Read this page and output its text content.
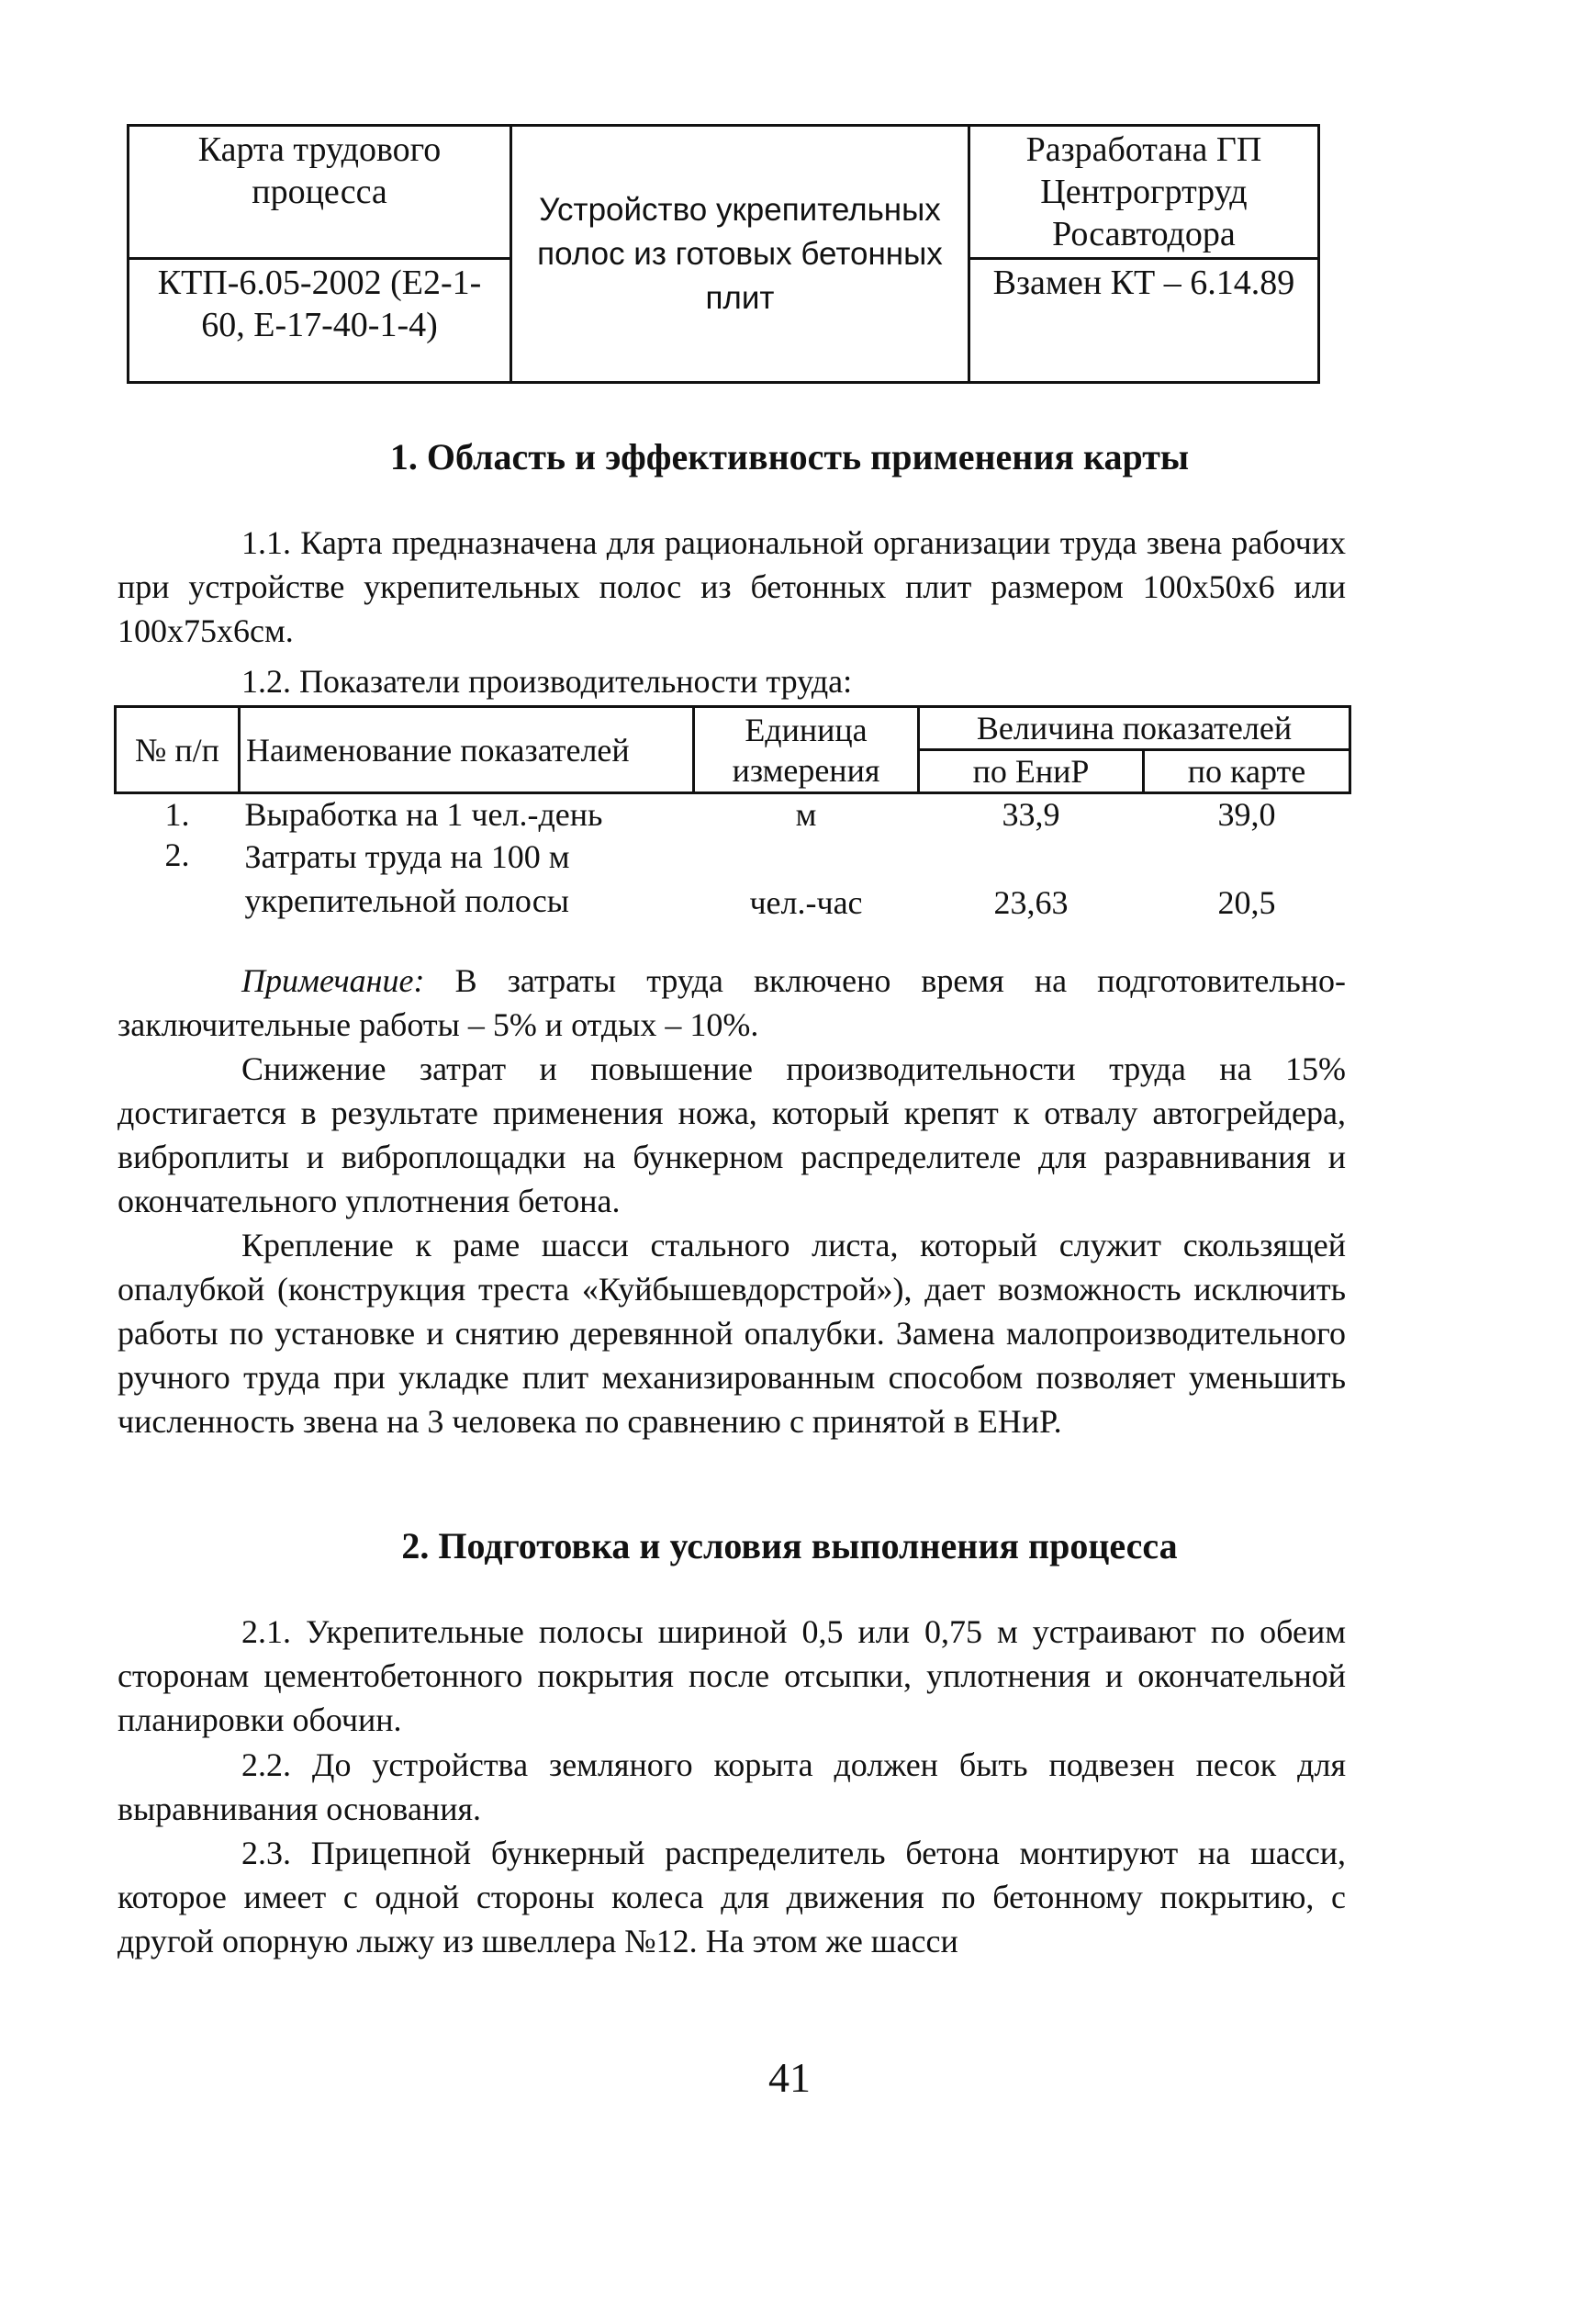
Карта трудового процесса	Устройство укрепительных полос из готовых бетонных плит	Разработана ГП Центрогртруд Росавтодора
КТП-6.05-2002 (Е2-1-60, Е-17-40-1-4)		Взамен КТ – 6.14.89
1. Область и эффективность применения карты

1.1. Карта предназначена для рациональной организации труда звена рабочих при устройстве укрепительных полос из бетонных плит размером 100х50х6 или 100х75х6см.

1.2. Показатели производительности труда:

№ п/п	Наименование показателей	Единица измерения	Величина показателей	
			по ЕниР	по карте
1.	Выработка на 1 чел.-день	м	33,9	39,0
2.	Затраты труда на 100 м укрепительной полосы	чел.-час	23,63	20,5

Примечание: В затраты труда включено время на подготовительно-заключительные работы – 5% и отдых – 10%.

Снижение затрат и повышение производительности труда на 15% достигается в результате применения ножа, который крепят к отвалу автогрейдера, виброплиты и виброплощадки на бункерном распределителе для разравнивания и окончательного уплотнения бетона.

Крепление к раме шасси стального листа, который служит скользящей опалубкой (конструкция треста «Куйбышевдорстрой»), дает возможность исключить работы по установке и снятию деревянной опалубки. Замена малопроизводительного ручного труда при укладке плит механизированным способом позволяет уменьшить численность звена на 3 человека по сравнению с принятой в ЕНиР.

2. Подготовка и условия выполнения процесса

2.1. Укрепительные полосы шириной 0,5 или 0,75 м устраивают по обеим сторонам цементобетонного покрытия после отсыпки, уплотнения и окончательной планировки обочин.

2.2. До устройства земляного корыта должен быть подвезен песок для выравнивания основания.

2.3. Прицепной бункерный распределитель бетона монтируют на шасси, которое имеет с одной стороны колеса для движения по бетонному покрытию, с другой опорную лыжу из швеллера №12. На этом же шасси

41
